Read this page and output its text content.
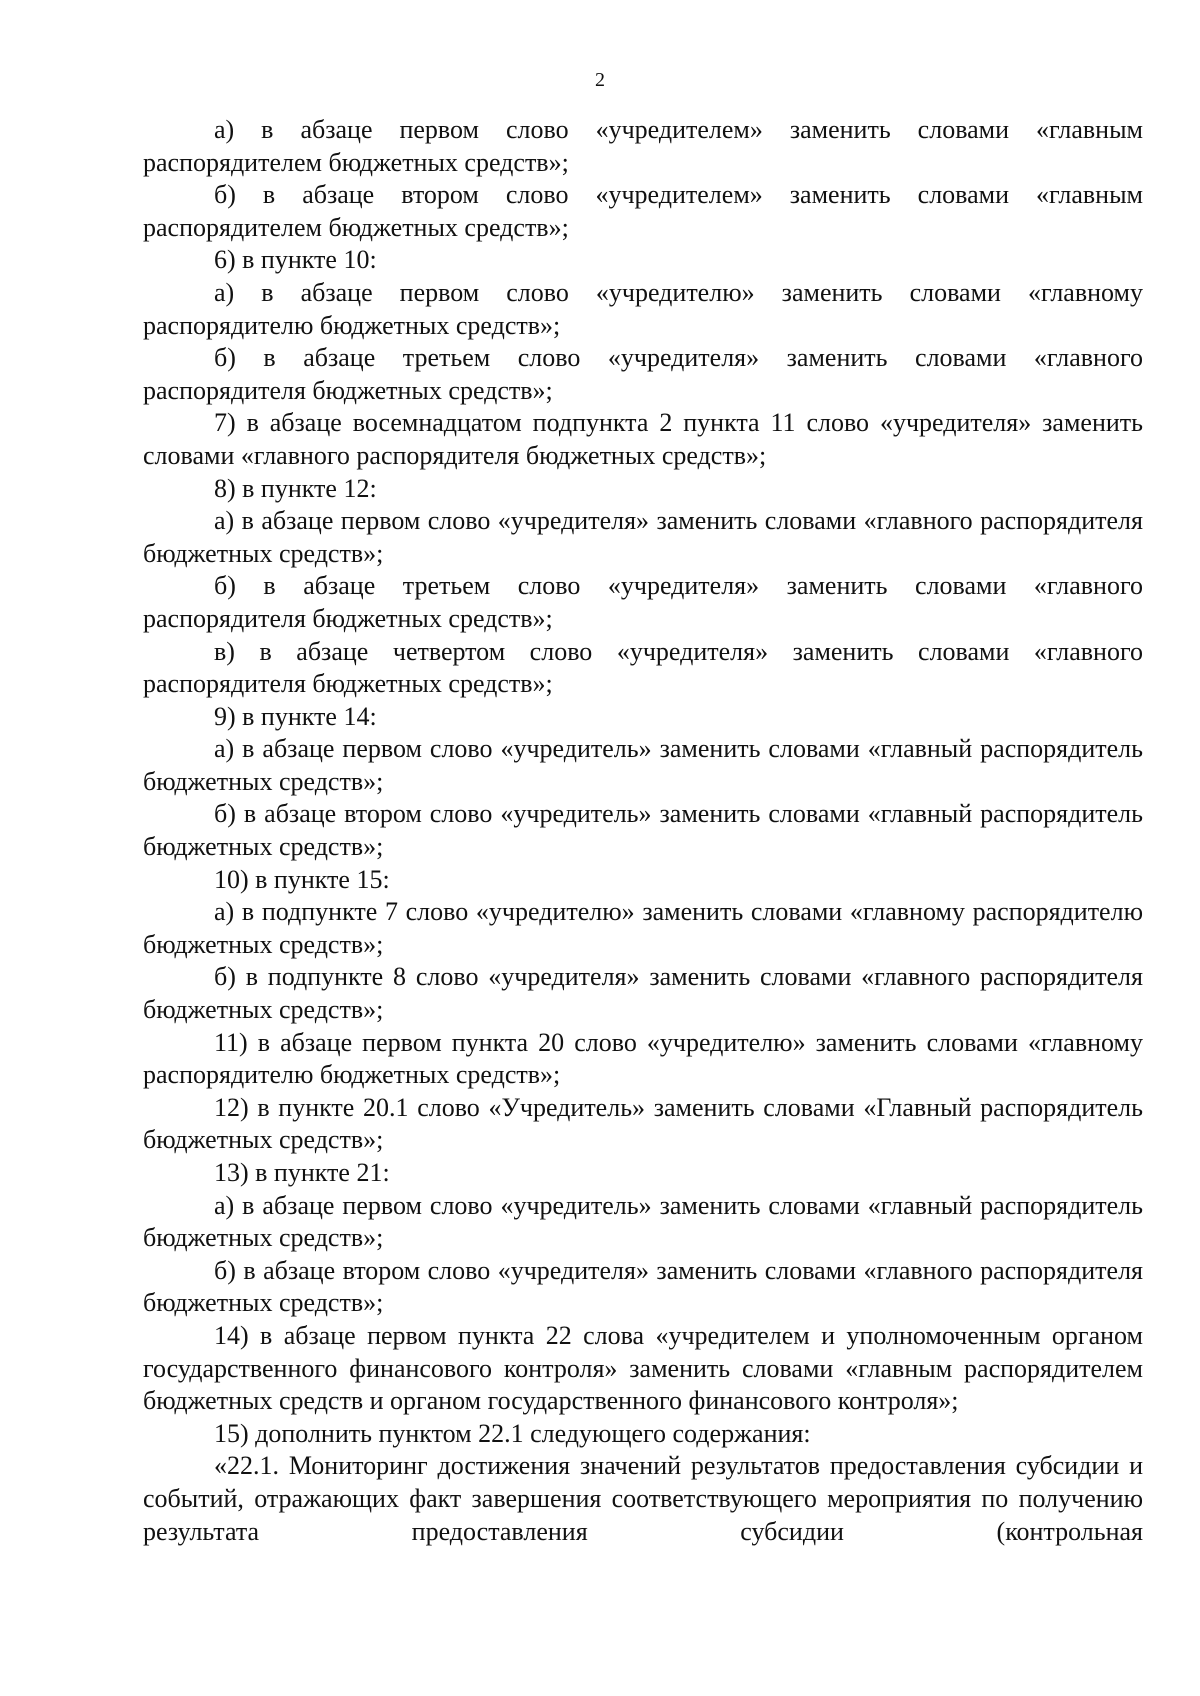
2

а) в абзаце первом слово «учредителем» заменить словами «главным распорядителем бюджетных средств»;

б) в абзаце втором слово «учредителем» заменить словами «главным распорядителем бюджетных средств»;

6) в пункте 10:

а) в абзаце первом слово «учредителю» заменить словами «главному распорядителю бюджетных средств»;

б) в абзаце третьем слово «учредителя» заменить словами «главного распорядителя бюджетных средств»;

7) в абзаце восемнадцатом подпункта 2 пункта 11 слово «учредителя» заменить словами «главного распорядителя бюджетных средств»;

8) в пункте 12:

а) в абзаце первом слово «учредителя» заменить словами «главного распорядителя бюджетных средств»;

б) в абзаце третьем слово «учредителя» заменить словами «главного распорядителя бюджетных средств»;

в) в абзаце четвертом слово «учредителя» заменить словами «главного распорядителя бюджетных средств»;

9) в пункте 14:

а) в абзаце первом слово «учредитель» заменить словами «главный распорядитель бюджетных средств»;

б) в абзаце втором слово «учредитель» заменить словами «главный распорядитель бюджетных средств»;

10) в пункте 15:

а) в подпункте 7 слово «учредителю» заменить словами «главному распорядителю бюджетных средств»;

б) в подпункте 8 слово «учредителя» заменить словами «главного распорядителя бюджетных средств»;

11) в абзаце первом пункта 20 слово «учредителю» заменить словами «главному распорядителю бюджетных средств»;

12) в пункте 20.1 слово «Учредитель» заменить словами «Главный распорядитель бюджетных средств»;

13) в пункте 21:

а) в абзаце первом слово «учредитель» заменить словами «главный распорядитель бюджетных средств»;

б) в абзаце втором слово «учредителя» заменить словами «главного распорядителя бюджетных средств»;

14) в абзаце первом пункта 22 слова «учредителем и уполномоченным органом государственного финансового контроля» заменить словами «главным распорядителем бюджетных средств и органом государственного финансового контроля»;

15) дополнить пунктом 22.1 следующего содержания:

«22.1. Мониторинг достижения значений результатов предоставления субсидии и событий, отражающих факт завершения соответствующего мероприятия по получению результата предоставления субсидии (контрольная
